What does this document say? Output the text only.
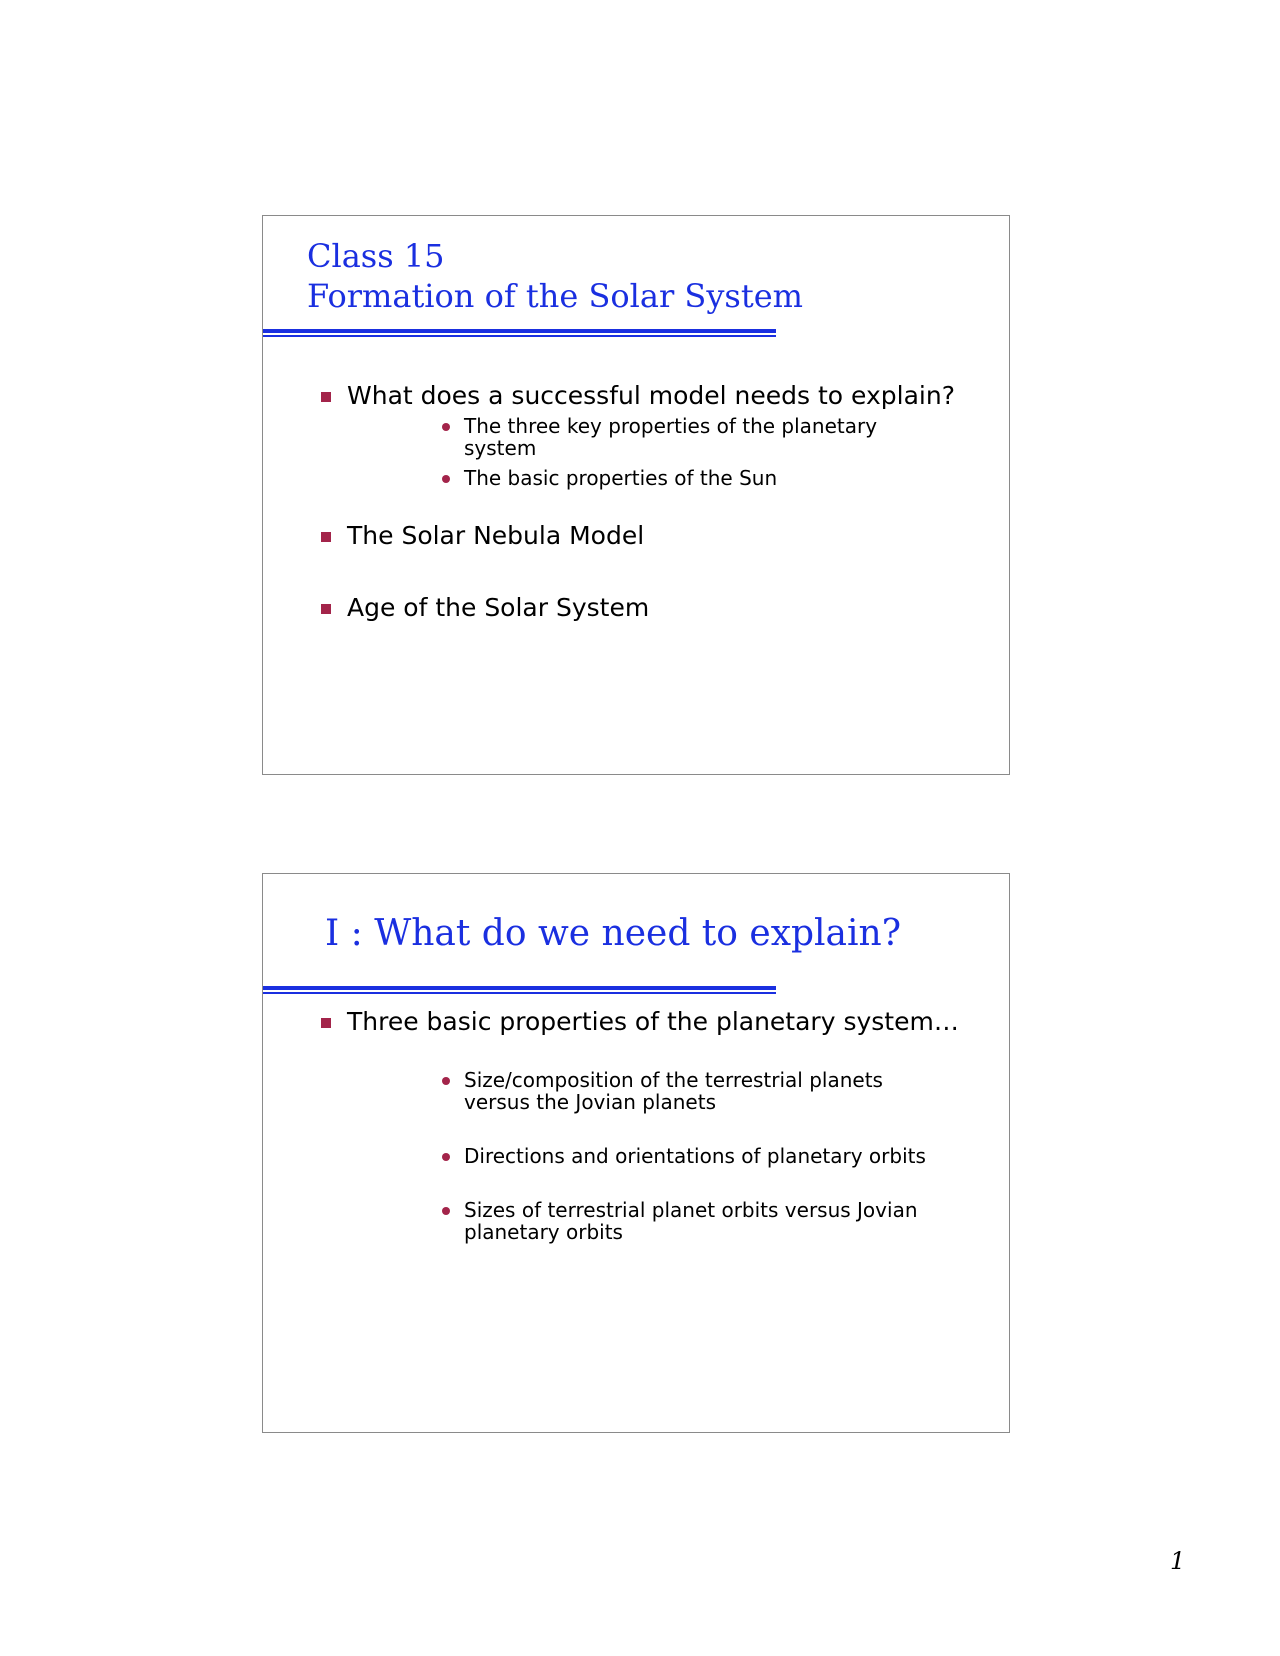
Class 15
Formation of the Solar System
What does a successful model needs to explain?
The three key properties of the planetary system
The basic properties of the Sun
The Solar Nebula Model
Age of the Solar System
I : What do we need to explain?
Three basic properties of the planetary system…
Size/composition of the terrestrial planets versus the Jovian planets
Directions and orientations of planetary orbits
Sizes of terrestrial planet orbits versus Jovian planetary orbits
1
